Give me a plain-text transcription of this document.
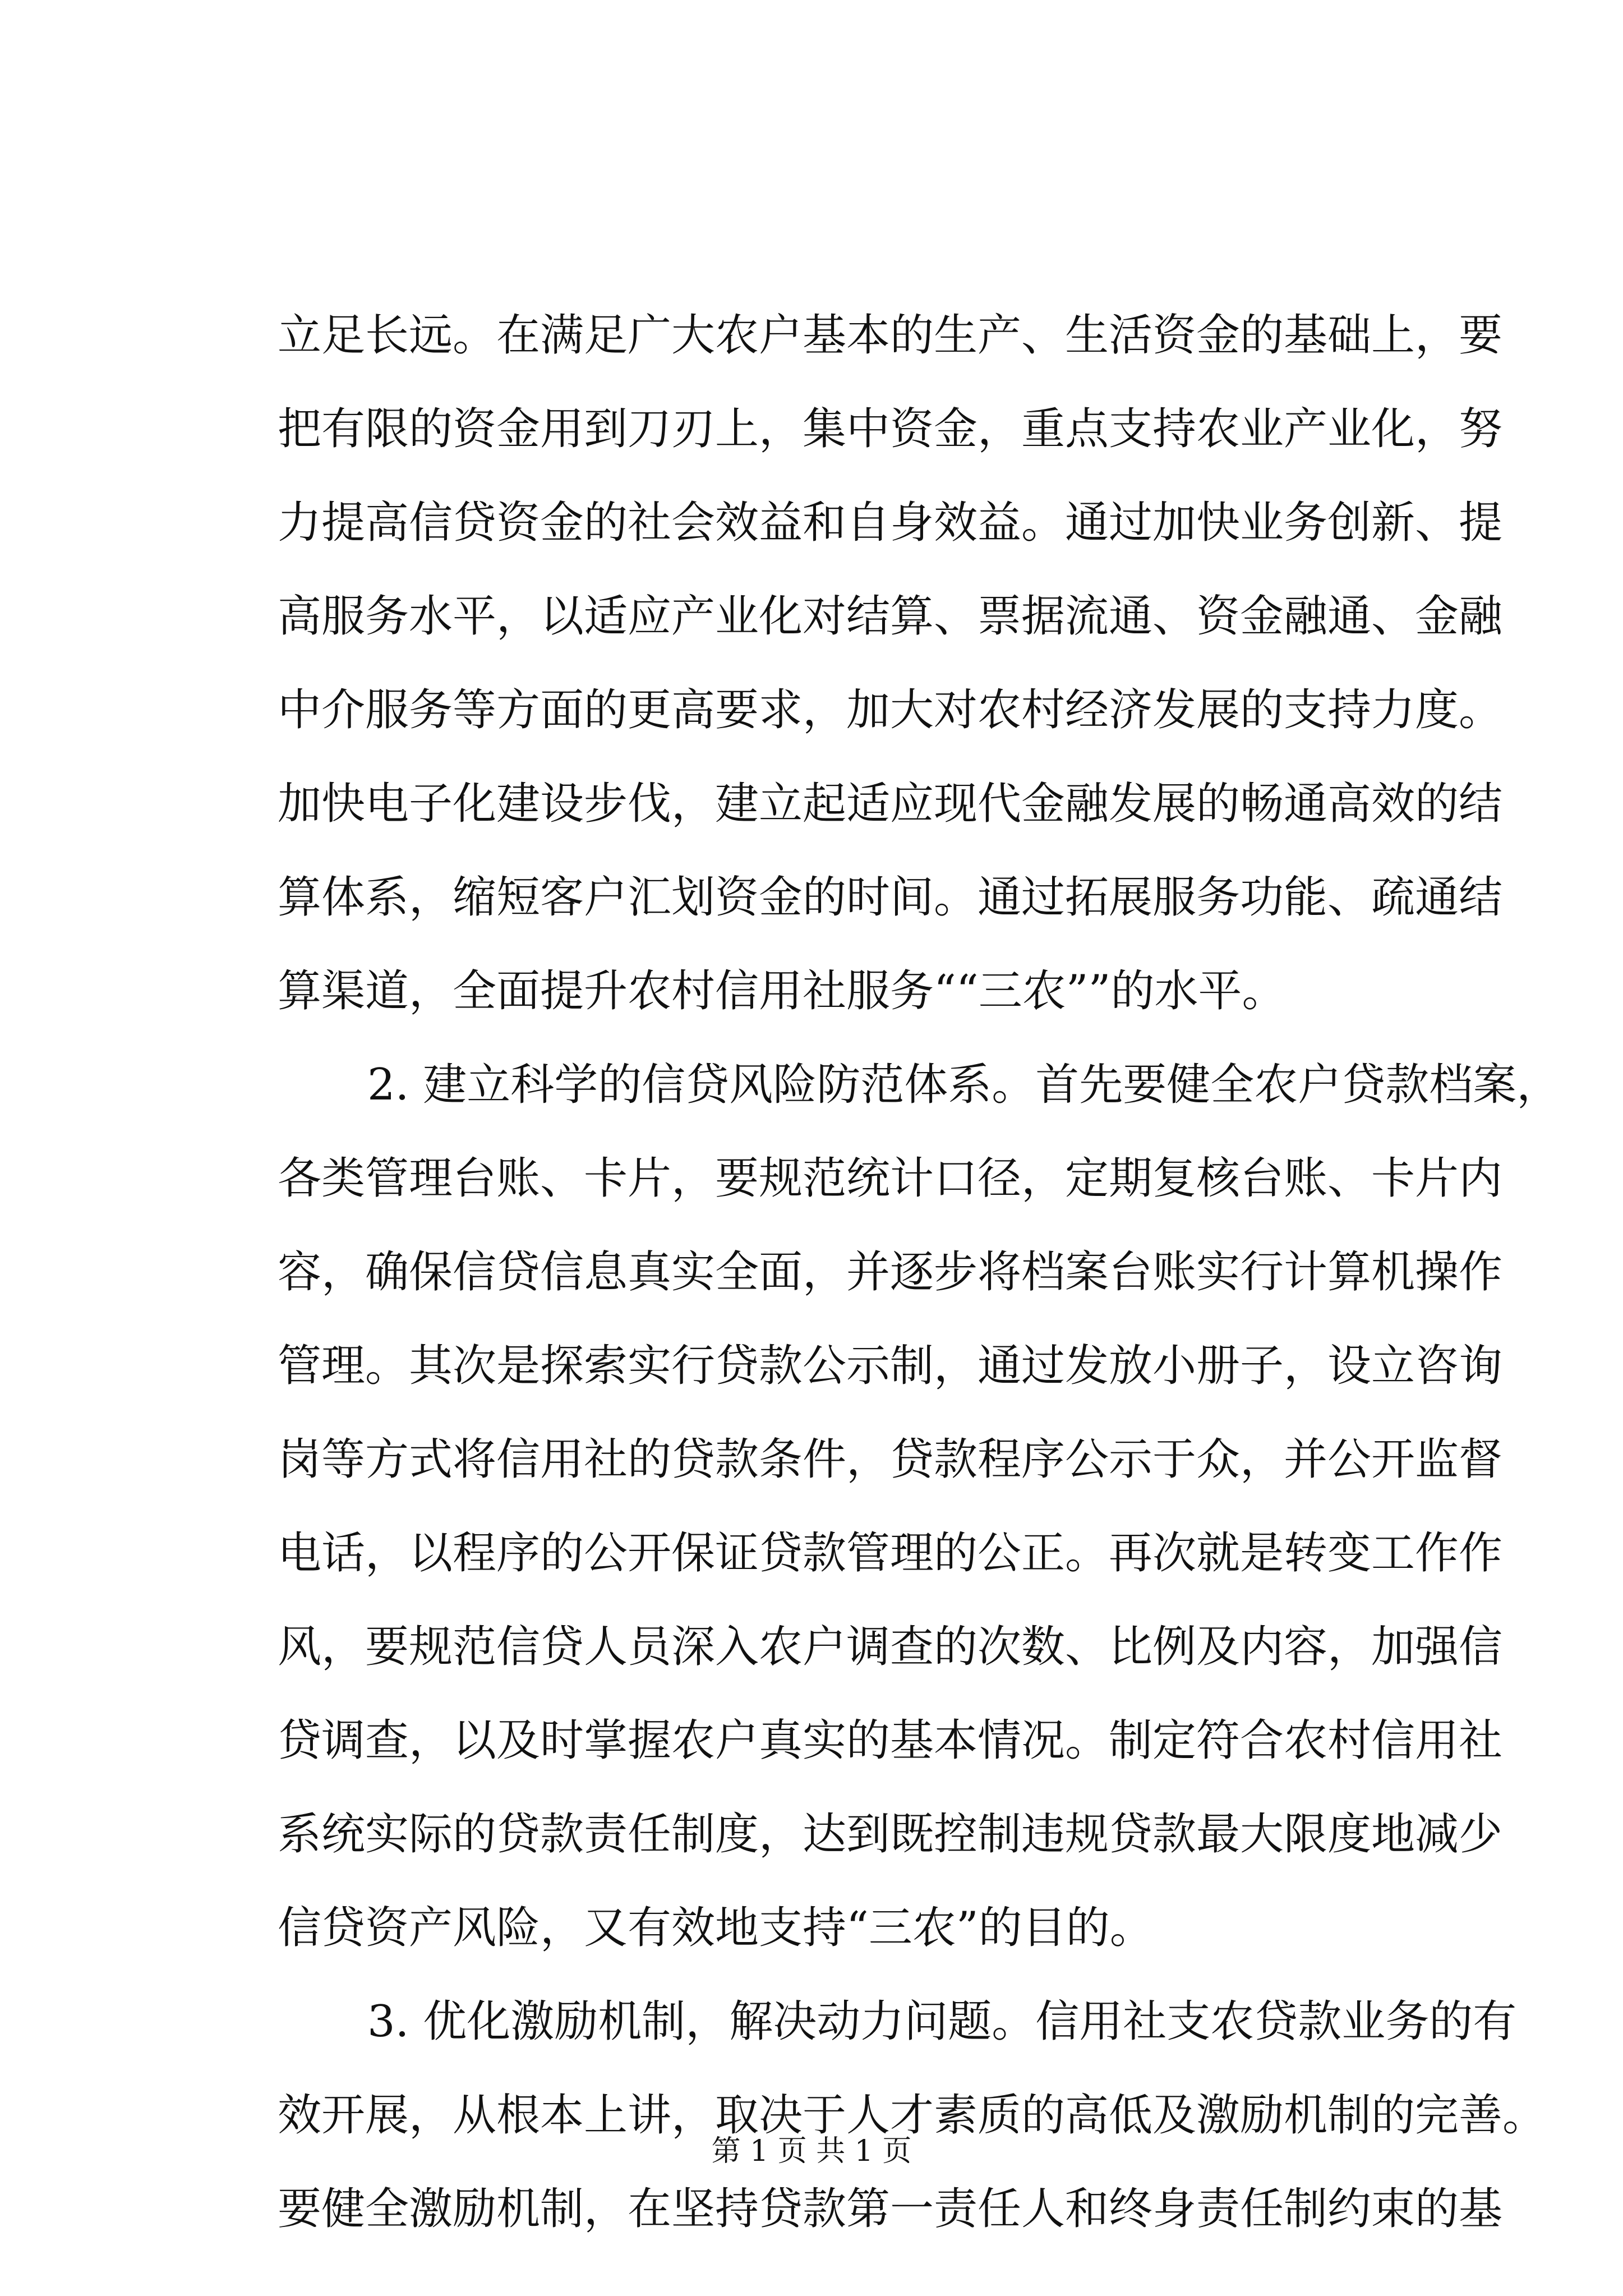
立足长远。在满足广大农户基本的生产、生活资金的基础上，要
把有限的资金用到刀刃上，集中资金，重点支持农业产业化，努
力提高信贷资金的社会效益和自身效益。通过加快业务创新、提
高服务水平，以适应产业化对结算、票据流通、资金融通、金融
中介服务等方面的更高要求，加大对农村经济发展的支持力度。
加快电子化建设步伐，建立起适应现代金融发展的畅通高效的结
算体系，缩短客户汇划资金的时间。通过拓展服务功能、疏通结
算渠道，全面提升农村信用社服务““三农””的水平。
2. 建立科学的信贷风险防范体系。首先要健全农户贷款档案，
各类管理台账、卡片，要规范统计口径，定期复核台账、卡片内
容，确保信贷信息真实全面，并逐步将档案台账实行计算机操作
管理。其次是探索实行贷款公示制，通过发放小册子，设立咨询
岗等方式将信用社的贷款条件，贷款程序公示于众，并公开监督
电话，以程序的公开保证贷款管理的公正。再次就是转变工作作
风，要规范信贷人员深入农户调查的次数、比例及内容，加强信
贷调查，以及时掌握农户真实的基本情况。制定符合农村信用社
系统实际的贷款责任制度，达到既控制违规贷款最大限度地减少
信贷资产风险，又有效地支持“三农”的目的。
3. 优化激励机制，解决动力问题。信用社支农贷款业务的有
效开展，从根本上讲，取决于人才素质的高低及激励机制的完善。
要健全激励机制，在坚持贷款第一责任人和终身责任制约束的基
第 1 页 共 1 页
